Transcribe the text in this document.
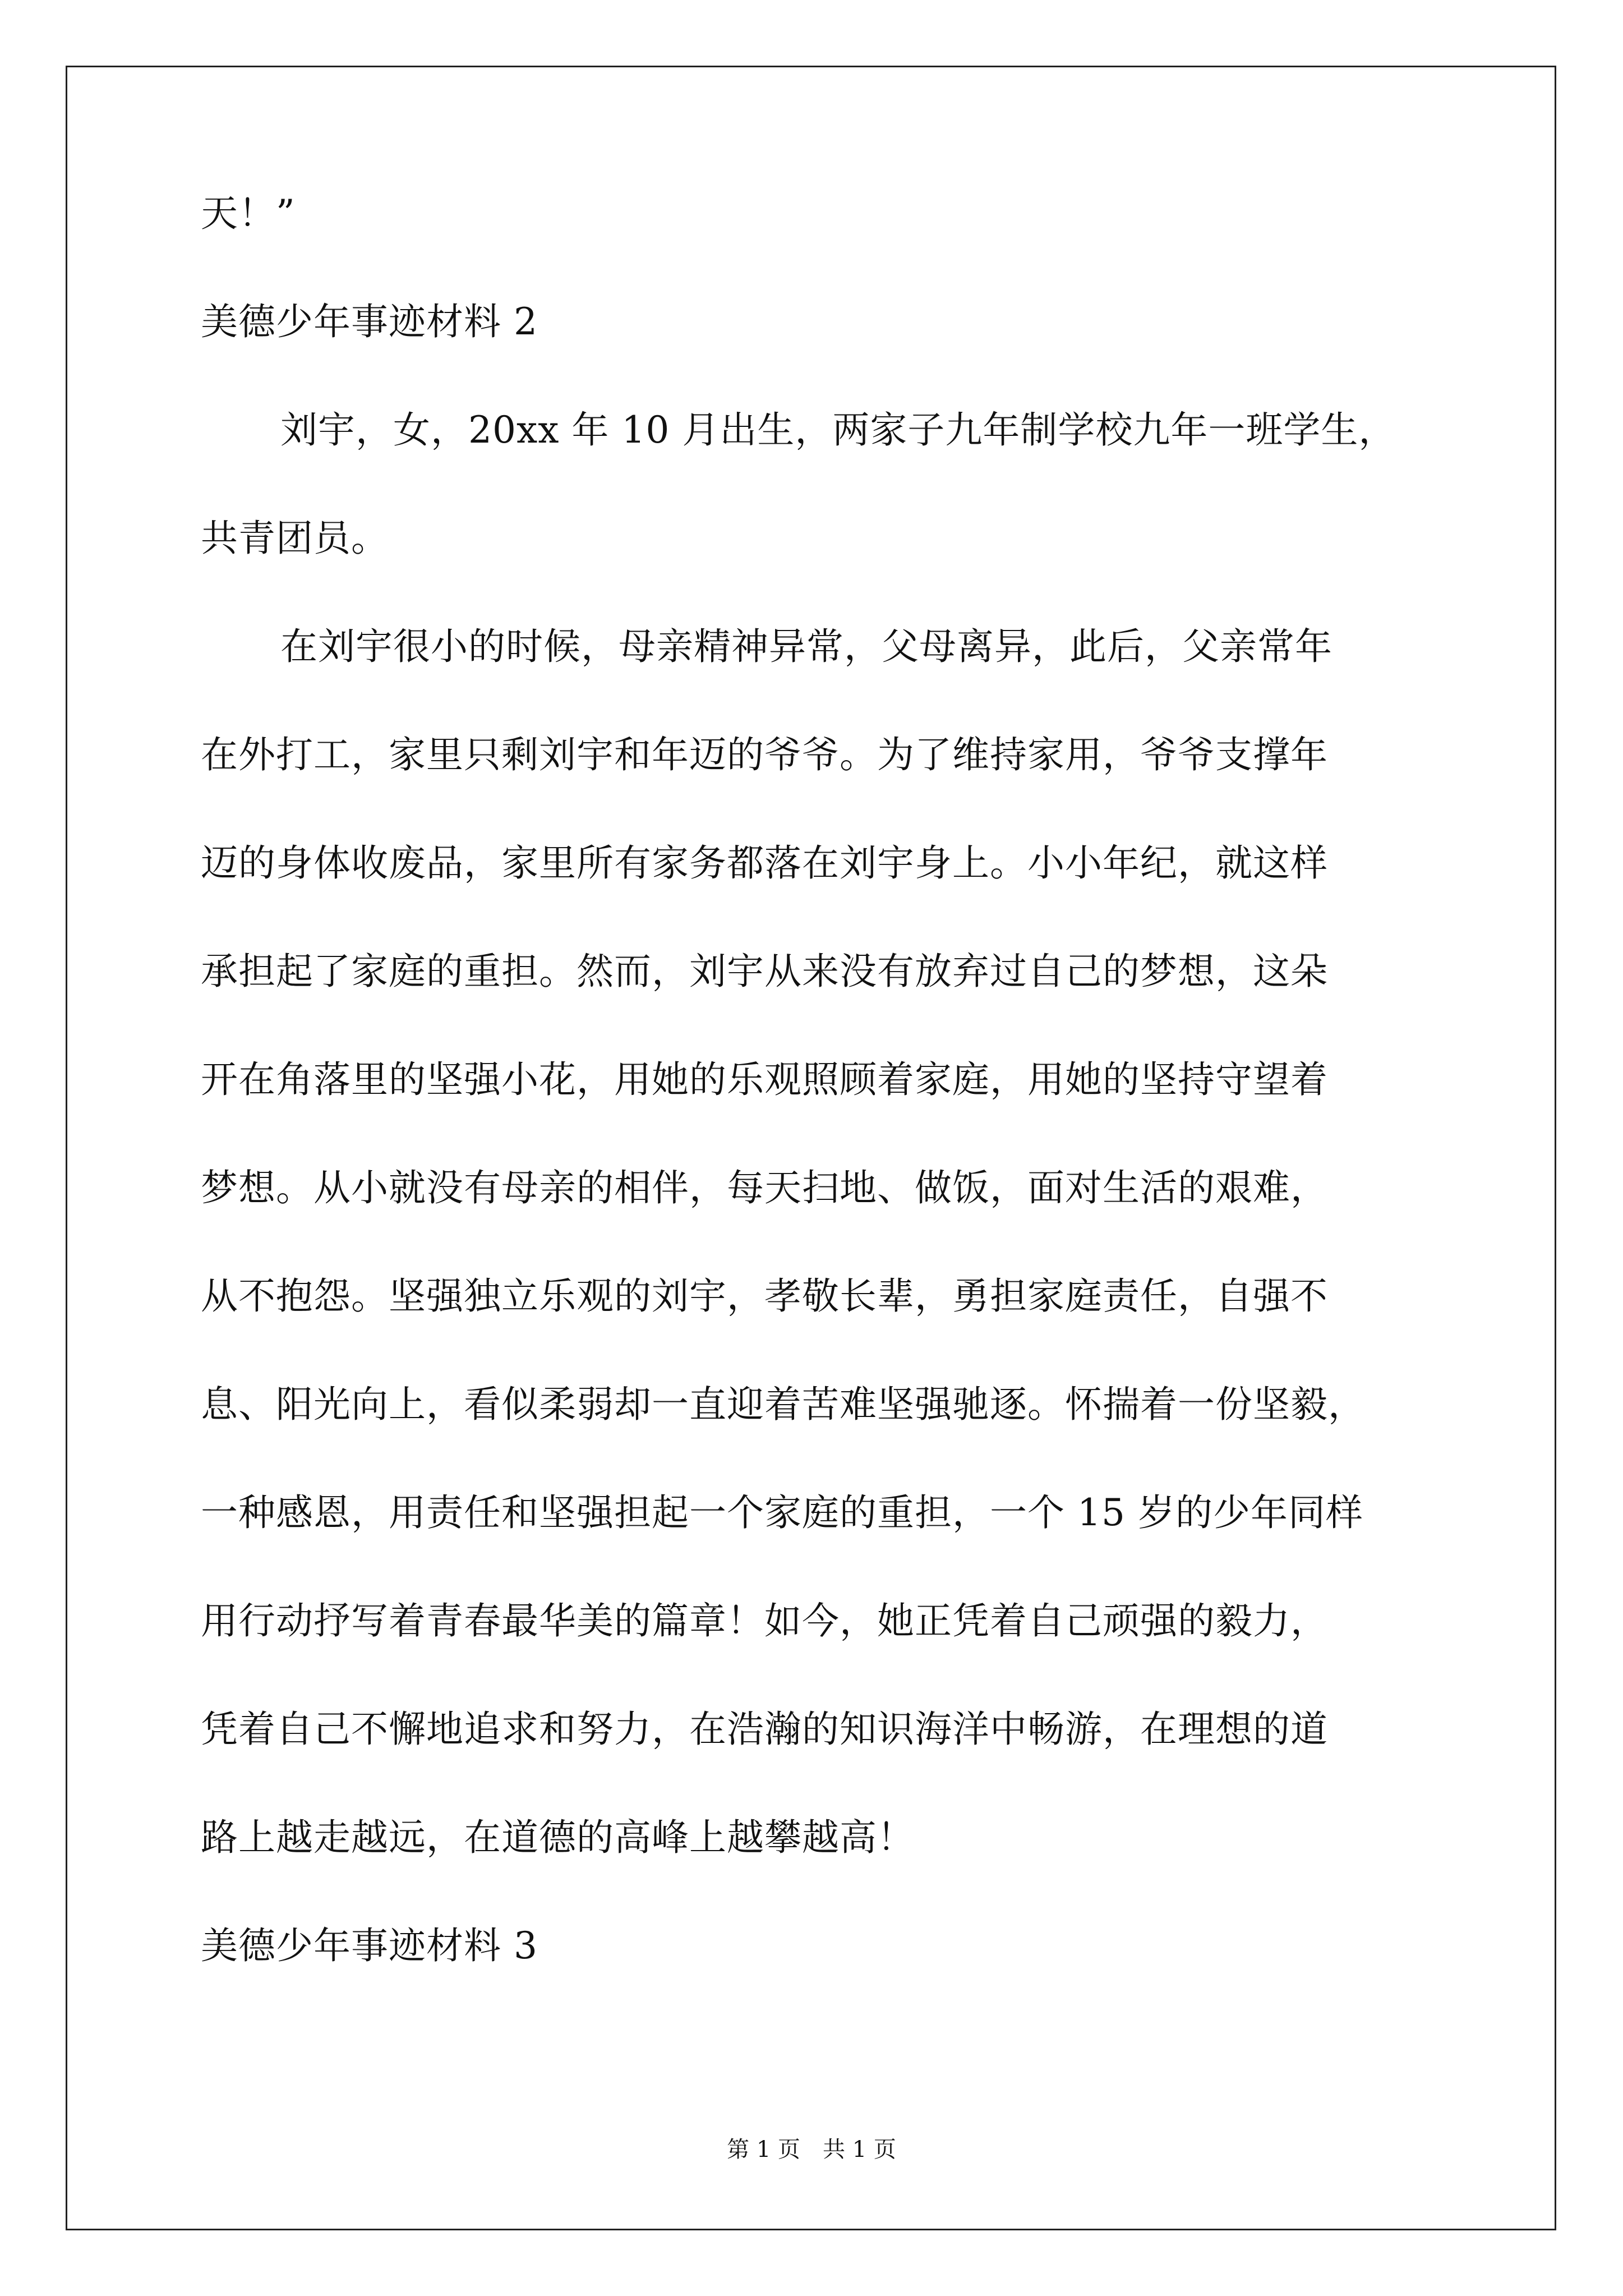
天！”
美德少年事迹材料 2
刘宇，女，20xx 年 10 月出生，两家子九年制学校九年一班学生，
共青团员。
在刘宇很小的时候，母亲精神异常，父母离异，此后，父亲常年
在外打工，家里只剩刘宇和年迈的爷爷。为了维持家用，爷爷支撑年
迈的身体收废品，家里所有家务都落在刘宇身上。小小年纪，就这样
承担起了家庭的重担。然而，刘宇从来没有放弃过自己的梦想，这朵
开在角落里的坚强小花，用她的乐观照顾着家庭，用她的坚持守望着
梦想。从小就没有母亲的相伴，每天扫地、做饭，面对生活的艰难，
从不抱怨。坚强独立乐观的刘宇，孝敬长辈，勇担家庭责任，自强不
息、阳光向上，看似柔弱却一直迎着苦难坚强驰逐。怀揣着一份坚毅，
一种感恩，用责任和坚强担起一个家庭的重担，一个 15 岁的少年同样
用行动抒写着青春最华美的篇章！如今，她正凭着自己顽强的毅力，
凭着自己不懈地追求和努力，在浩瀚的知识海洋中畅游，在理想的道
路上越走越远，在道德的高峰上越攀越高！
美德少年事迹材料 3
第 1 页　共 1 页
